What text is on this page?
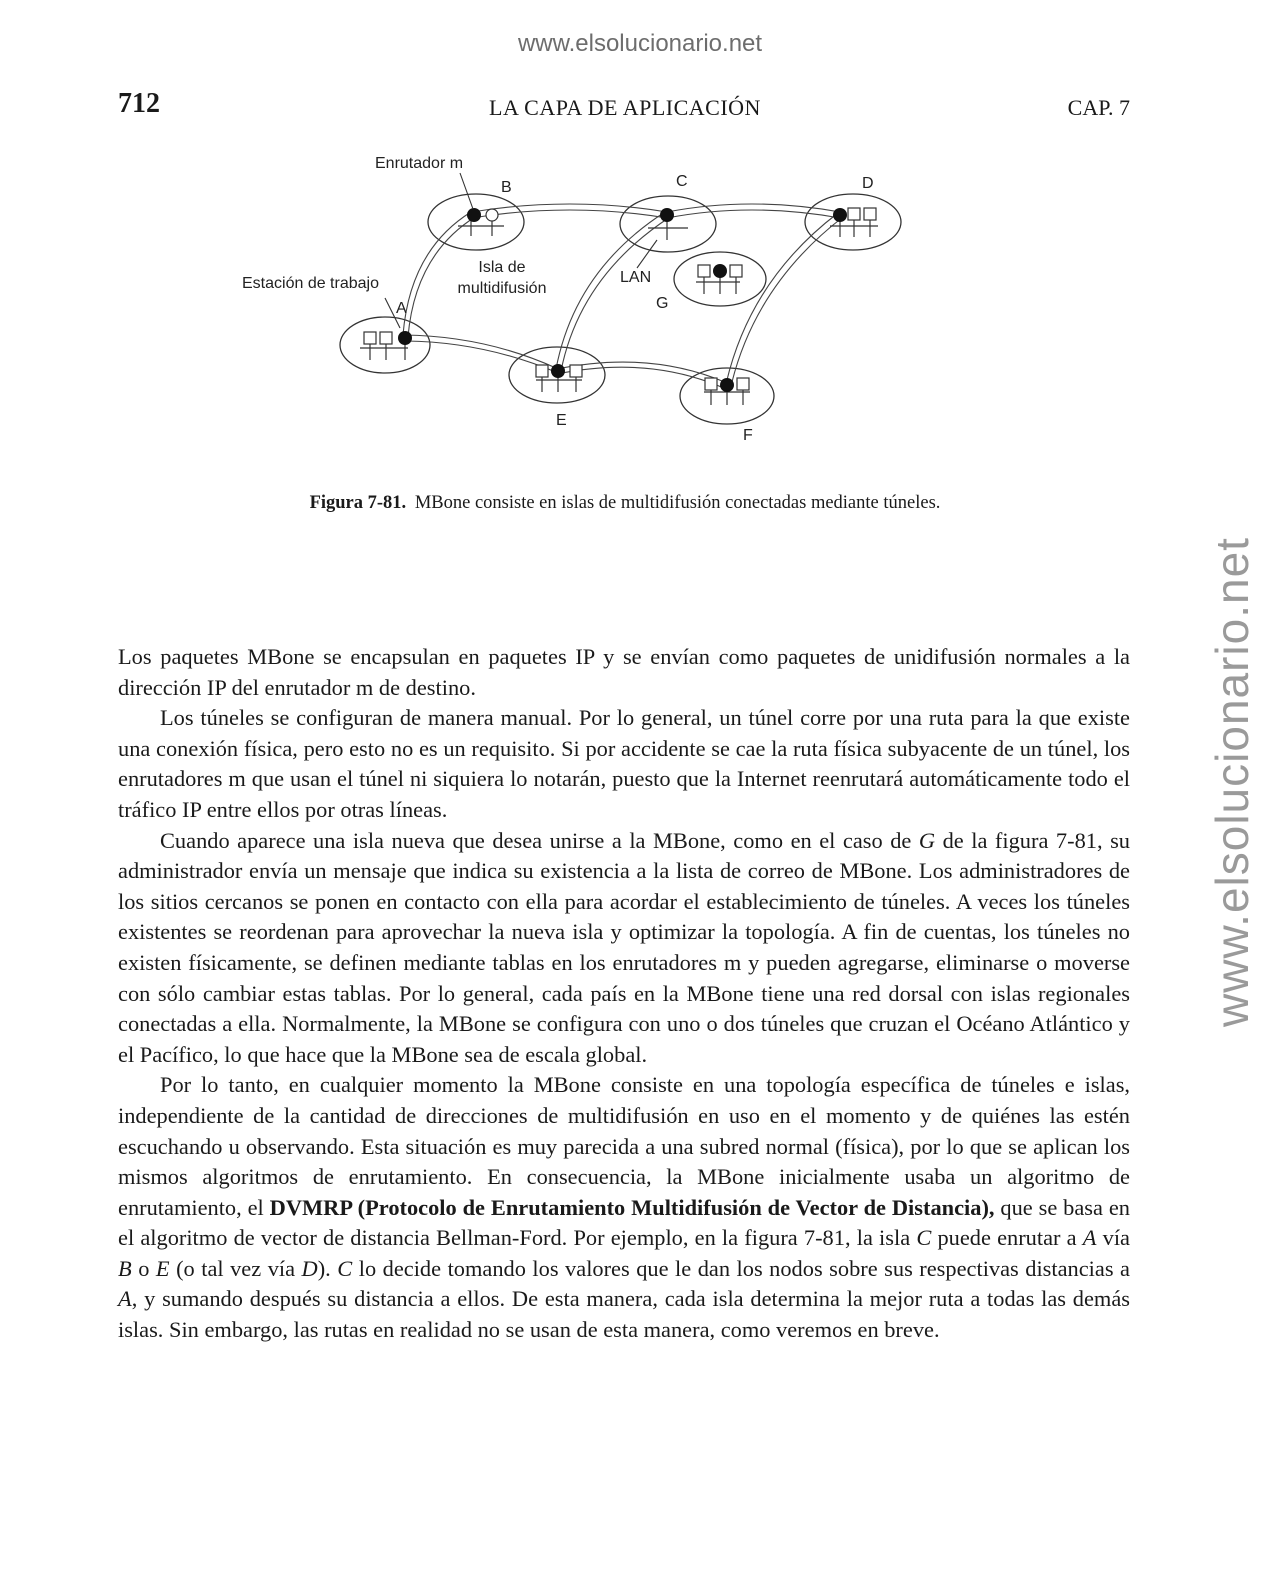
www.elsolucionario.net
www.elsolucionario.net
712	LA CAPA DE APLICACIÓN	CAP. 7
Enrutador m
Estación de trabajo
Isla de
multidifusión
LAN
A
B	C	D
E
F
G
Figura 7-81. MBone consiste en islas de multidifusión conectadas mediante túneles.

Los paquetes MBone se encapsulan en paquetes IP y se envían como paquetes de unidifusión normales a la dirección IP del enrutador m de destino.

Los túneles se configuran de manera manual. Por lo general, un túnel corre por una ruta para la que existe una conexión física, pero esto no es un requisito. Si por accidente se cae la ruta física subyacente de un túnel, los enrutadores m que usan el túnel ni siquiera lo notarán, puesto que la Internet reenrutará automáticamente todo el tráfico IP entre ellos por otras líneas.

Cuando aparece una isla nueva que desea unirse a la MBone, como en el caso de G de la figura 7-81, su administrador envía un mensaje que indica su existencia a la lista de correo de MBone. Los administradores de los sitios cercanos se ponen en contacto con ella para acordar el establecimiento de túneles. A veces los túneles existentes se reordenan para aprovechar la nueva isla y optimizar la topología. A fin de cuentas, los túneles no existen físicamente, se definen mediante tablas en los enrutadores m y pueden agregarse, eliminarse o moverse con sólo cambiar estas tablas. Por lo general, cada país en la MBone tiene una red dorsal con islas regionales conectadas a ella. Normalmente, la MBone se configura con uno o dos túneles que cruzan el Océano Atlántico y el Pacífico, lo que hace que la MBone sea de escala global.

Por lo tanto, en cualquier momento la MBone consiste en una topología específica de túneles e islas, independiente de la cantidad de direcciones de multidifusión en uso en el momento y de quiénes las estén escuchando u observando. Esta situación es muy parecida a una subred normal (física), por lo que se aplican los mismos algoritmos de enrutamiento. En consecuencia, la MBone inicialmente usaba un algoritmo de enrutamiento, el DVMRP (Protocolo de Enrutamiento Multidifusión de Vector de Distancia), que se basa en el algoritmo de vector de distancia Bellman-Ford. Por ejemplo, en la figura 7-81, la isla C puede enrutar a A vía B o E (o tal vez vía D). C lo decide tomando los valores que le dan los nodos sobre sus respectivas distancias a A, y sumando después su distancia a ellos. De esta manera, cada isla determina la mejor ruta a todas las demás islas. Sin embargo, las rutas en realidad no se usan de esta manera, como veremos en breve.
